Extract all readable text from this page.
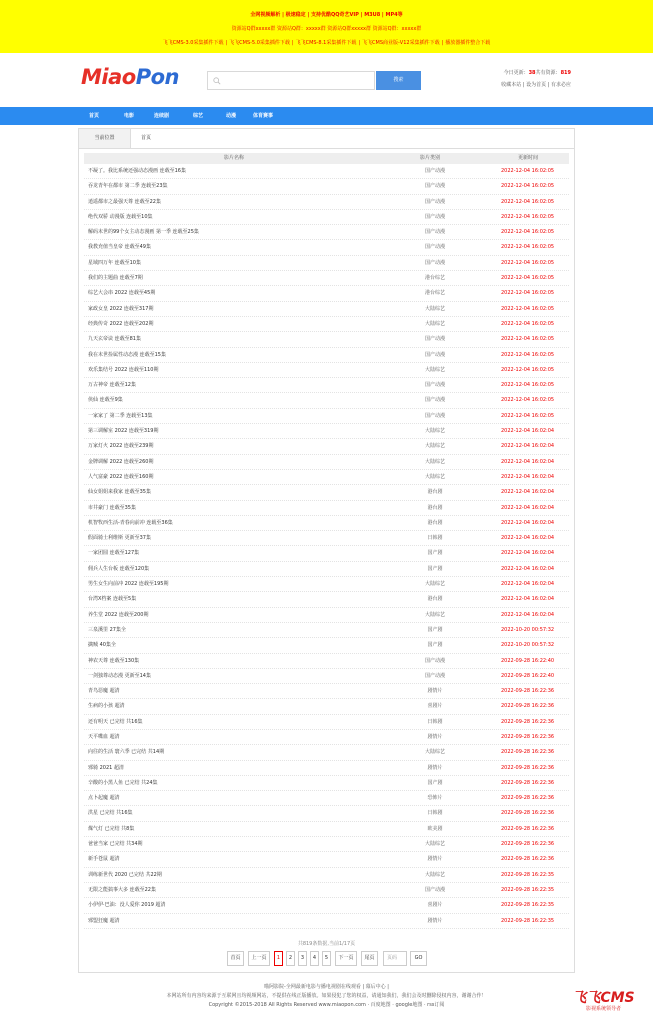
全网视频解析 | 极速稳定 | 支持优酷QQ奇艺VIP | M3U8 | MP4等
资源站Q群xxxxx群 资源站Q群：xxxxx群 资源站Q群xxxxx群 资源站Q群：xxxxx群
飞飞CMS-3.0采集插件下载 | 飞飞CMS-5.0采集插件下载 | 飞飞CMS-8.1采集插件下载 | 飞飞CMS商业版-V12采集插件下载 | 播放器插件整合下载
MiaoPon	搜索
今日更新：38共有资源：819
收藏本站 | 设为首页 | 有求必应
首页	电影	连续剧	综艺	动漫	体育赛事
当前位置	首页
影片名称	影片类别	更新时间
不凝了。我比系统还强动态漫画 连载至16集	国产动漫	2022-12-04 16:02:05
吞龙青年在都市 第二季 连载至23集	国产动漫	2022-12-04 16:02:05
逍遥都市之最强天尊 连载至22集	国产动漫	2022-12-04 16:02:05
绝代双骄 动漫版 连载至10集	国产动漫	2022-12-04 16:02:05
解码末世的99个女主动态漫画 第一季 连载至25集	国产动漫	2022-12-04 16:02:05
我教充值当皇帝 连载至49集	国产动漫	2022-12-04 16:02:05
星域四万年 连载至10集	国产动漫	2022-12-04 16:02:05
我们的主题曲 连载至7期	港台综艺	2022-12-04 16:02:05
综艺大会串 2022 连载至45期	港台综艺	2022-12-04 16:02:05
家政女皇 2022 连载至317期	大陆综艺	2022-12-04 16:02:05
经典传奇 2022 连载至202期	大陆综艺	2022-12-04 16:02:05
九天玄帝诀 连载至81集	国产动漫	2022-12-04 16:02:05
我在末世捡属性动态漫 连载至15集	国产动漫	2022-12-04 16:02:05
欢乐集结号 2022 连载至110期	大陆综艺	2022-12-04 16:02:05
万古神帝 连载至12集	国产动漫	2022-12-04 16:02:05
侠仙 连载至9集	国产动漫	2022-12-04 16:02:05
一家家了 第二季 连载至13集	国产动漫	2022-12-04 16:02:05
第三调解室 2022 连载至319期	大陆综艺	2022-12-04 16:02:04
万家灯火 2022 连载至239期	大陆综艺	2022-12-04 16:02:04
金牌调解 2022 连载至260期	大陆综艺	2022-12-04 16:02:04
人气富豪 2022 连载至160期	大陆综艺	2022-12-04 16:02:04
仙女姐姐来我家 连载至35集	港台剧	2022-12-04 16:02:04
市井豪门 连载至35集	港台剧	2022-12-04 16:02:04
机智牧西生活-青春向前冲 连载至36集	港台剧	2022-12-04 16:02:04
假面骑士利维斯 更新至37集	日韩剧	2022-12-04 16:02:04
一家团圆 连载至127集	国产剧	2022-12-04 16:02:04
佣兵人生台板 连载至120集	国产剧	2022-12-04 16:02:04
男生女生向前冲 2022 连载至195期	大陆综艺	2022-12-04 16:02:04
台湾X档案 连载至5集	港台剧	2022-12-04 16:02:04
养生堂 2022 连载至200期	大陆综艺	2022-12-04 16:02:04
三泉溪里 27集全	国产剧	2022-10-20 00:57:32
擒贼 40集全	国产剧	2022-10-20 00:57:32
神农天尊 连载至130集	国产动漫	2022-09-28 16:22:40
一剑独尊动态漫 更新至14集	国产动漫	2022-09-28 16:22:40
青鸟惡魔 超清	剧情片	2022-09-28 16:22:36
生病的小孩 超清	喜剧片	2022-09-28 16:22:36
还有明天 已完结 共16集	日韩剧	2022-09-28 16:22:36
天平喋血 超清	剧情片	2022-09-28 16:22:36
向往的生活 寰六季 已完结 共14期	大陆综艺	2022-09-28 16:22:36
邪骑 2021 超清	剧情片	2022-09-28 16:22:36
辛酸的小黑人鱼 已完结 共24集	国产剧	2022-09-28 16:22:36
点卜起魔 超清	恐怖片	2022-09-28 16:22:36
洪星 已完结 共16集	日韩剧	2022-09-28 16:22:36
煤气灯 已完结 共8集	欧美剧	2022-09-28 16:22:36
爸爸当家 已完结 共34期	大陆综艺	2022-09-28 16:22:36
新手苍鼠 超清	剧情片	2022-09-28 16:22:36
训练新世代 2020 已完结 共22期	大陆综艺	2022-09-28 16:22:35
无限之能搞事大多 连载至22集	国产动漫	2022-09-28 16:22:35
小伊伊·巴油：没人爱你 2019 超清	喜剧片	2022-09-28 16:22:35
邪盟狂魔 超清	剧情片	2022-09-28 16:22:35
共819条数据,当前1/17页
首页	上一页	1	2	3	4	5	下一页	尾页	页码	GO
喵阿影院-全网最新电影与播电视剧在线观看 | 幕后中心 |
本网站所有内容均来源于互联网且均视频网站，不提供在线正版播放。如果侵犯了您的权益，请通知我们，我们会及时删除侵权内容，谢谢合作！
Copyright ©2015-2018 All Rights Reserved www.miaopon.com · 百度地图 · google地图 · rss订阅	飞飞CMS
影视系统领导者
